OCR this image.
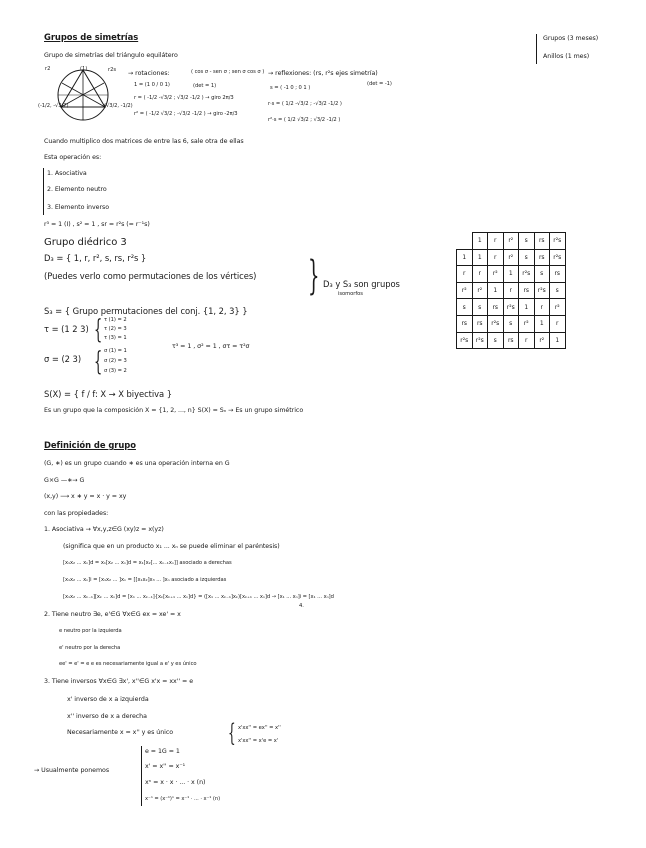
Grupos (3 meses)
Anillos (1 mes)
Grupos de simetrías
Grupo de simetrías del triángulo equilátero
r2	(1)	r2s
(-1/2, -√3/2)	(√3/2, -1/2)
→ rotaciones:	( cos σ - sen σ ; sen σ cos σ )
1 = (1 0 / 0 1)	(det = 1)
r = ( -1/2 -√3/2 ; √3/2 -1/2 ) → giro 2π/3
r² = ( -1/2 √3/2 ; -√3/2 -1/2 ) → giro -2π/3
→ reflexiones: (rs, r²s ejes simetría)
(det = -1)
s = ( -1 0 ; 0 1 )
r·s = ( 1/2 -√3/2 ; -√3/2 -1/2 )
r²·s = ( 1/2 √3/2 ; √3/2 -1/2 )
Cuando multiplico dos matrices de entre las 6, sale otra de ellas
Esta operación es:
1. Asociativa
2. Elemento neutro
3. Elemento inverso
r³ = 1 (I) , s² = 1 , sr = r²s (= r⁻¹s)
Grupo diédrico 3
D₃ = { 1, r, r², s, rs, r²s }
(Puedes verlo como permutaciones de los vértices) } D₃ y S₃ son grupos
isomorfos
S₃ = { Grupo permutaciones del conj. {1, 2, 3} }
τ = (1 2 3) { τ (1) = 2
τ (2) = 3
τ (3) = 1
τ³ = 1 , σ² = 1 , στ = τ²σ
σ = (2 3) { σ (1) = 1
σ (2) = 3
σ (3) = 2
S(X) = { f / f: X → X biyectiva }
Es un grupo que la composición X = {1, 2, ..., n} S(X) = Sₙ → Es un grupo simétrico
	1	r	r²	s	rs	r²s
1	1	r	r²	s	rs	r²s
r	r	r²	1	r²s	s	rs
r²	r²	1	r	rs	r²s	s
s	s	rs	r²s	1	r	r²
rs	rs	r²s	s	r²	1	r
r²s	r²s	s	rs	r	r²	1
Definición de grupo
(G, ∗) es un grupo cuando ∗ es una operación interna en G
G×G —∗→ G
(x,y) ⟶ x ∗ y = x · y = xy
con las propiedades:
1. Asociativa → ∀x,y,z∈G (xy)z = x(yz)
(significa que en un producto x₁ ... xₙ se puede eliminar el paréntesis)
[x₁x₂ ... xₙ]d = x₁[x₂ ... xₙ]d = x₁[x₂[... xₙ₋₁xₙ]] asociado a derechas
[x₁x₂ ... xₙ]i = [x₁x₂ ... ]xₙ = [[x₁x₂]x₃ ... ]xₙ asociado a izquierdas
[x₁x₂ ... xₖ₋₁][xₖ ... xₙ]d = [x₁ ... xₖ₋₁]{xₖ[xₖ₊₁ ... xₙ]d} = ([x₁ ... xₖ₋₁]xₖ)[xₖ₊₁ ... xₙ]d → [x₁ ... xₙ]i = [x₁ ... xₙ]d
4.
2. Tiene neutro ∃e, e'∈G ∀x∈G ex = xe' = x
e neutro por la izquierda
e' neutro por la derecha
ee' = e' = e e es necesariamente igual a e' y es único
3. Tiene inversos ∀x∈G ∃x', x''∈G x'x = xx'' = e
x' inverso de x a izquierda
x'' inverso de x a derecha
Necesariamente x = x'' y es único { x'xx'' = ex'' = x''
x'xx'' = x'e = x'
→ Usualmente ponemos
e = 1G = 1
x' = x'' = x⁻¹
xⁿ = x · x · ... · x (n)
x⁻ⁿ = (x⁻¹)ⁿ = x⁻¹ · ... · x⁻¹ (n)
